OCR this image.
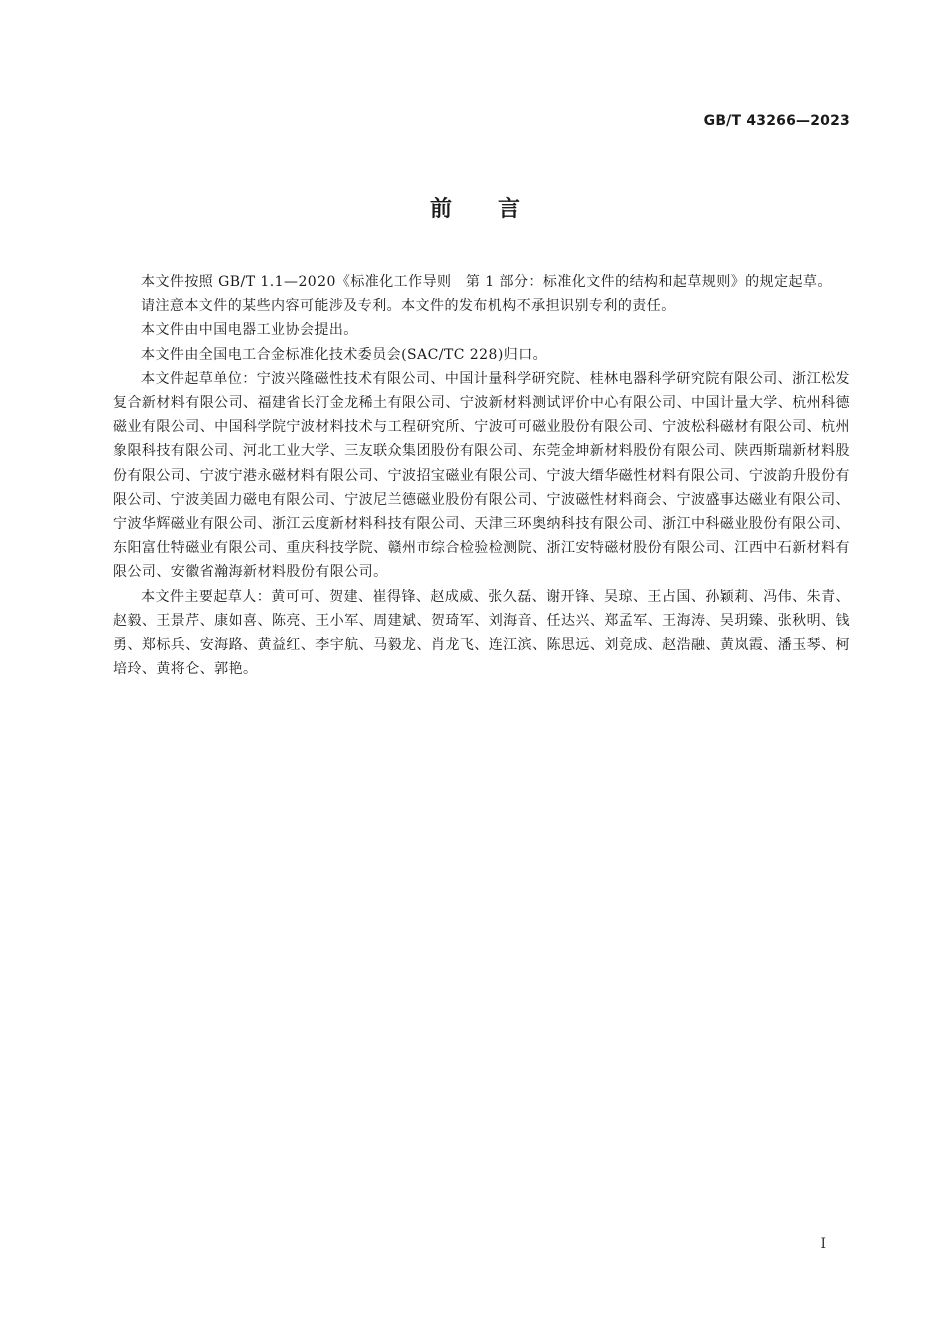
GB/T 43266—2023
前言

本文件按照 GB/T 1.1—2020《标准化工作导则　第 1 部分：标准化文件的结构和起草规则》的规定起草。

请注意本文件的某些内容可能涉及专利。本文件的发布机构不承担识别专利的责任。

本文件由中国电器工业协会提出。

本文件由全国电工合金标准化技术委员会(SAC/TC 228)归口。

本文件起草单位：宁波兴隆磁性技术有限公司、中国计量科学研究院、桂林电器科学研究院有限公司、浙江松发复合新材料有限公司、福建省长汀金龙稀土有限公司、宁波新材料测试评价中心有限公司、中国计量大学、杭州科德磁业有限公司、中国科学院宁波材料技术与工程研究所、宁波可可磁业股份有限公司、宁波松科磁材有限公司、杭州象限科技有限公司、河北工业大学、三友联众集团股份有限公司、东莞金坤新材料股份有限公司、陕西斯瑞新材料股份有限公司、宁波宁港永磁材料有限公司、宁波招宝磁业有限公司、宁波大缙华磁性材料有限公司、宁波韵升股份有限公司、宁波美固力磁电有限公司、宁波尼兰德磁业股份有限公司、宁波磁性材料商会、宁波盛事达磁业有限公司、宁波华辉磁业有限公司、浙江云度新材料科技有限公司、天津三环奥纳科技有限公司、浙江中科磁业股份有限公司、东阳富仕特磁业有限公司、重庆科技学院、赣州市综合检验检测院、浙江安特磁材股份有限公司、江西中石新材料有限公司、安徽省瀚海新材料股份有限公司。

本文件主要起草人：黄可可、贺建、崔得锋、赵成威、张久磊、谢开锋、吴琼、王占国、孙颖莉、冯伟、朱青、赵毅、王景芹、康如喜、陈亮、王小军、周建斌、贺琦军、刘海音、任达兴、郑孟军、王海涛、吴玥臻、张秋明、钱勇、郑标兵、安海路、黄益红、李宇航、马毅龙、肖龙飞、连江滨、陈思远、刘竞成、赵浩融、黄岚霞、潘玉琴、柯培玲、黄将仑、郭艳。

I
